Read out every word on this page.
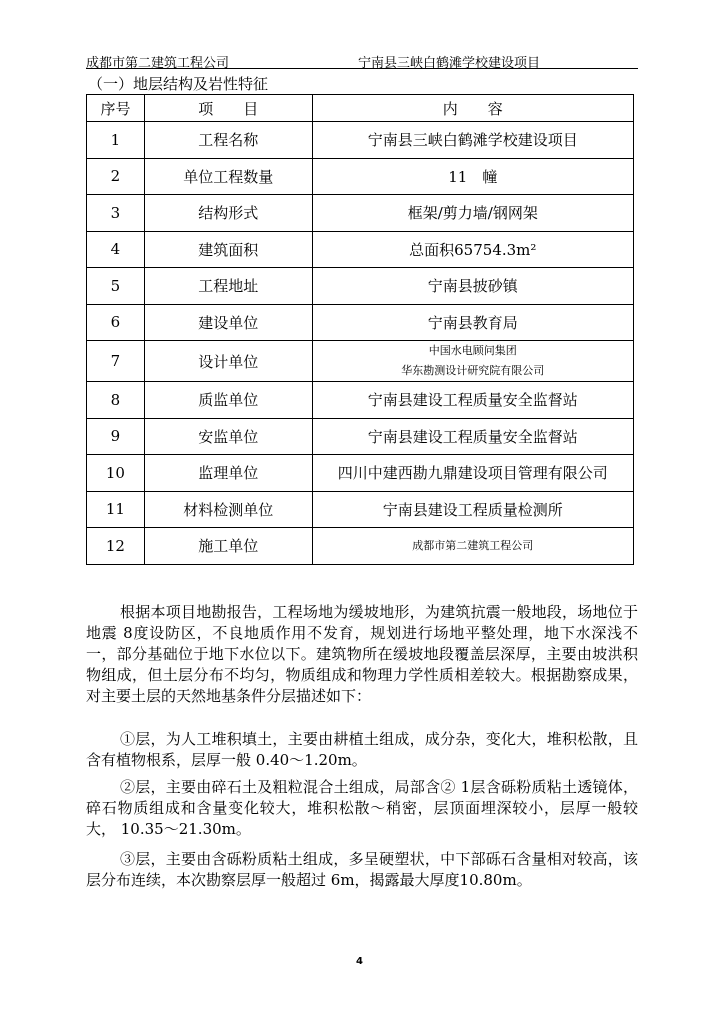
成都市第二建筑工程公司	宁南县三峡白鹤滩学校建设项目
（一）地层结构及岩性特征
序号	项　　目	内　　容
1	工程名称	宁南县三峡白鹤滩学校建设项目
2	单位工程数量	11　幢
3	结构形式	框架/剪力墙/钢网架
4	建筑面积	总面积65754.3m²
5	工程地址	宁南县披砂镇
6	建设单位	宁南县教育局
7	设计单位	中国水电顾问集团
华东勘测设计研究院有限公司

8	质监单位	宁南县建设工程质量安全监督站
9	安监单位	宁南县建设工程质量安全监督站
10	监理单位	四川中建西勘九鼎建设项目管理有限公司
11	材料检测单位	宁南县建设工程质量检测所
12	施工单位	成都市第二建筑工程公司

根据本项目地勘报告，工程场地为缓坡地形，为建筑抗震一般地段，场地位于地震 8度设防区，不良地质作用不发育，规划进行场地平整处理，地下水深浅不一，部分基础位于地下水位以下。建筑物所在缓坡地段覆盖层深厚，主要由坡洪积物组成，但土层分布不均匀，物质组成和物理力学性质相差较大。根据勘察成果，对主要土层的天然地基条件分层描述如下：

①层，为人工堆积填土，主要由耕植土组成，成分杂，变化大，堆积松散，且含有植物根系，层厚一般 0.40～1.20m。

②层，主要由碎石土及粗粒混合土组成，局部含② 1层含砾粉质粘土透镜体，碎石物质组成和含量变化较大，堆积松散～稍密，层顶面埋深较小，层厚一般较大， 10.35～21.30m。

③层，主要由含砾粉质粘土组成，多呈硬塑状，中下部砾石含量相对较高，该层分布连续，本次勘察层厚一般超过 6m，揭露最大厚度10.80m。

4
